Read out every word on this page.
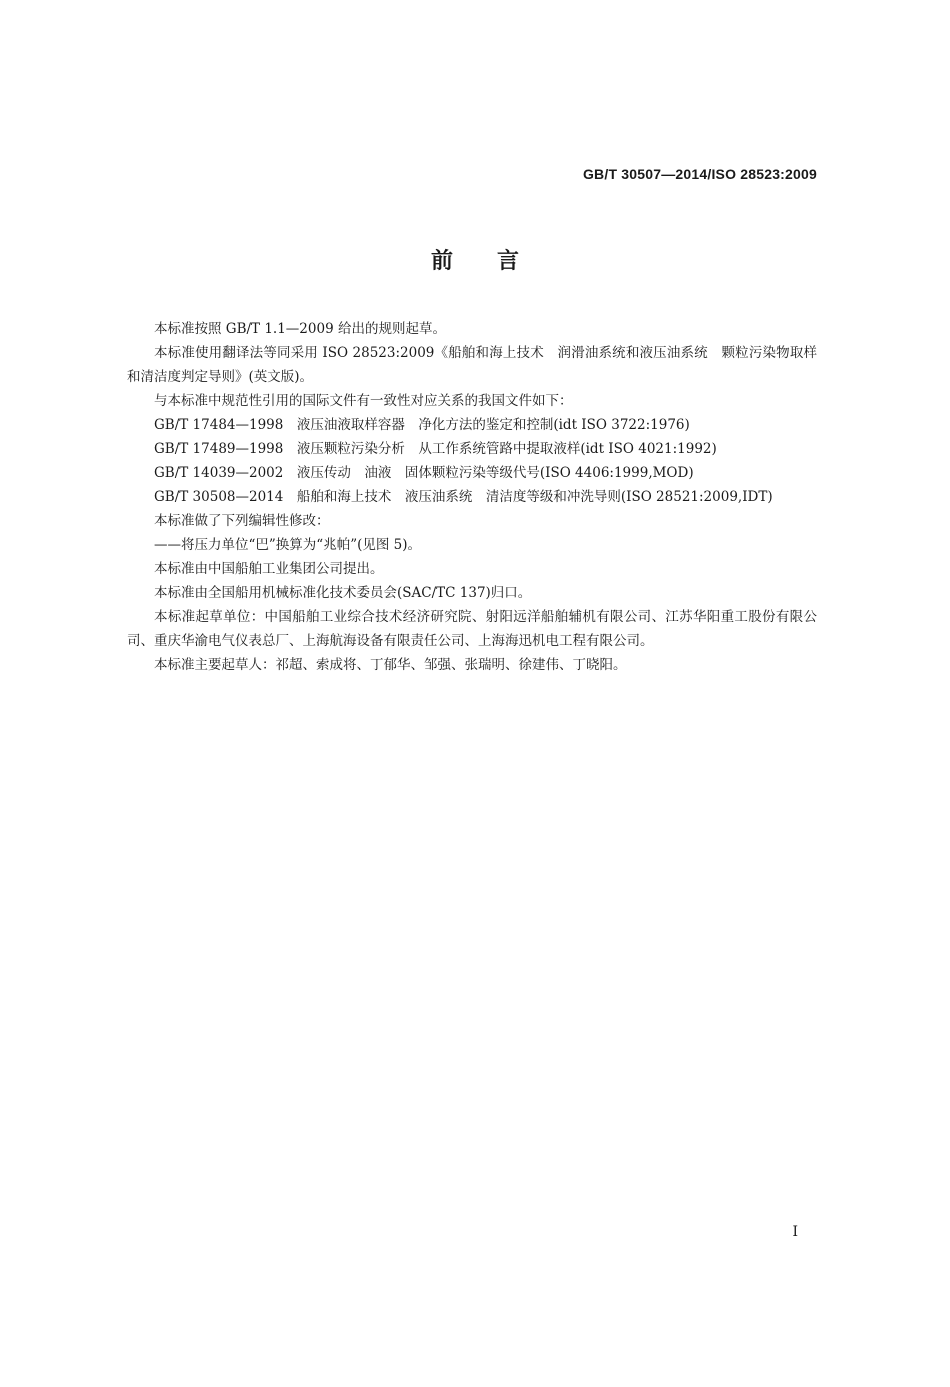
GB/T 30507—2014/ISO 28523:2009
前言

本标准按照 GB/T 1.1—2009 给出的规则起草。

本标准使用翻译法等同采用 ISO 28523:2009《船舶和海上技术　润滑油系统和液压油系统　颗粒污染物取样和清洁度判定导则》(英文版)。

与本标准中规范性引用的国际文件有一致性对应关系的我国文件如下：

GB/T 17484—1998　液压油液取样容器　净化方法的鉴定和控制(idt ISO 3722:1976)

GB/T 17489—1998　液压颗粒污染分析　从工作系统管路中提取液样(idt ISO 4021:1992)

GB/T 14039—2002　液压传动　油液　固体颗粒污染等级代号(ISO 4406:1999,MOD)

GB/T 30508—2014　船舶和海上技术　液压油系统　清洁度等级和冲洗导则(ISO 28521:2009,IDT)

本标准做了下列编辑性修改：

——将压力单位“巴”换算为“兆帕”(见图 5)。

本标准由中国船舶工业集团公司提出。

本标准由全国船用机械标准化技术委员会(SAC/TC 137)归口。

本标准起草单位：中国船舶工业综合技术经济研究院、射阳远洋船舶辅机有限公司、江苏华阳重工股份有限公司、重庆华渝电气仪表总厂、上海航海设备有限责任公司、上海海迅机电工程有限公司。

本标准主要起草人：祁超、索成将、丁郁华、邹强、张瑞明、徐建伟、丁晓阳。

I
